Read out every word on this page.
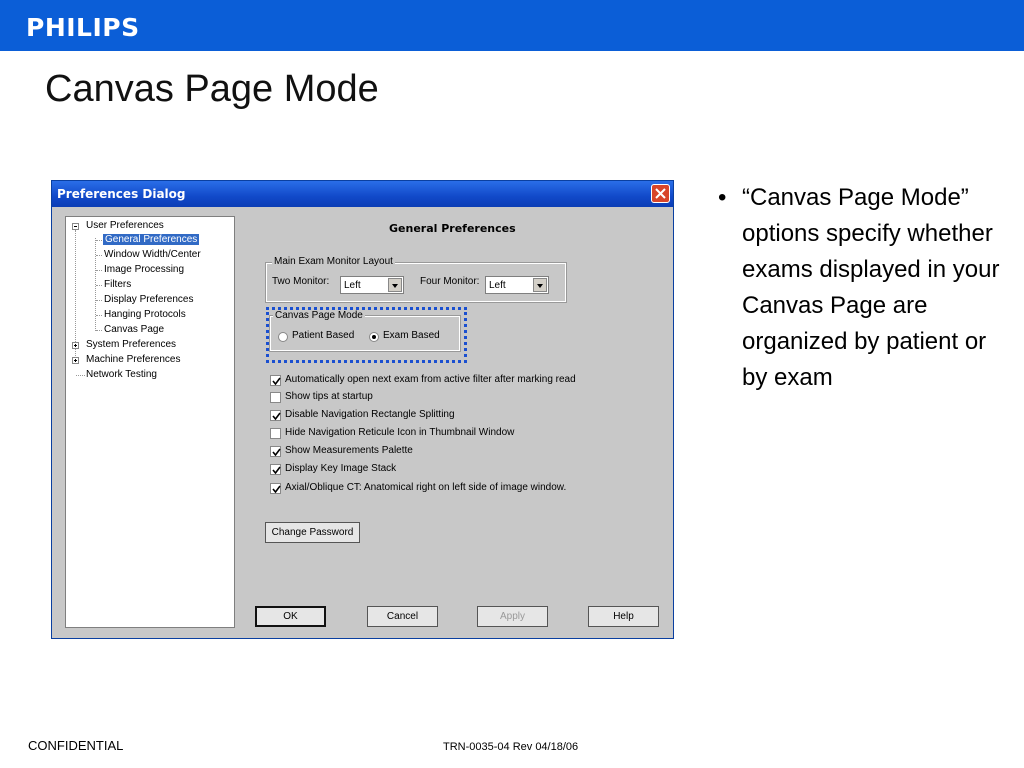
PHILIPS
Canvas Page Mode
Preferences Dialog
User Preferences
General Preferences
Window Width/Center
Image Processing
Filters
Display Preferences
Hanging Protocols
Canvas Page
System Preferences
Machine Preferences
Network Testing
General Preferences
Main Exam Monitor Layout
Two Monitor: Left	Four Monitor: Left
Canvas Page Mode
Patient Based	Exam Based
Automatically open next exam from active filter after marking read
Show tips at startup
Disable Navigation Rectangle Splitting
Hide Navigation Reticule Icon in Thumbnail Window
Show Measurements Palette
Display Key Image Stack
Axial/Oblique CT: Anatomical right on left side of image window.
Change Password
OK	Cancel	Apply	Help
• “Canvas Page Mode” options specify whether exams displayed in your Canvas Page are organized by patient or by exam
CONFIDENTIAL	TRN-0035-04 Rev 04/18/06
